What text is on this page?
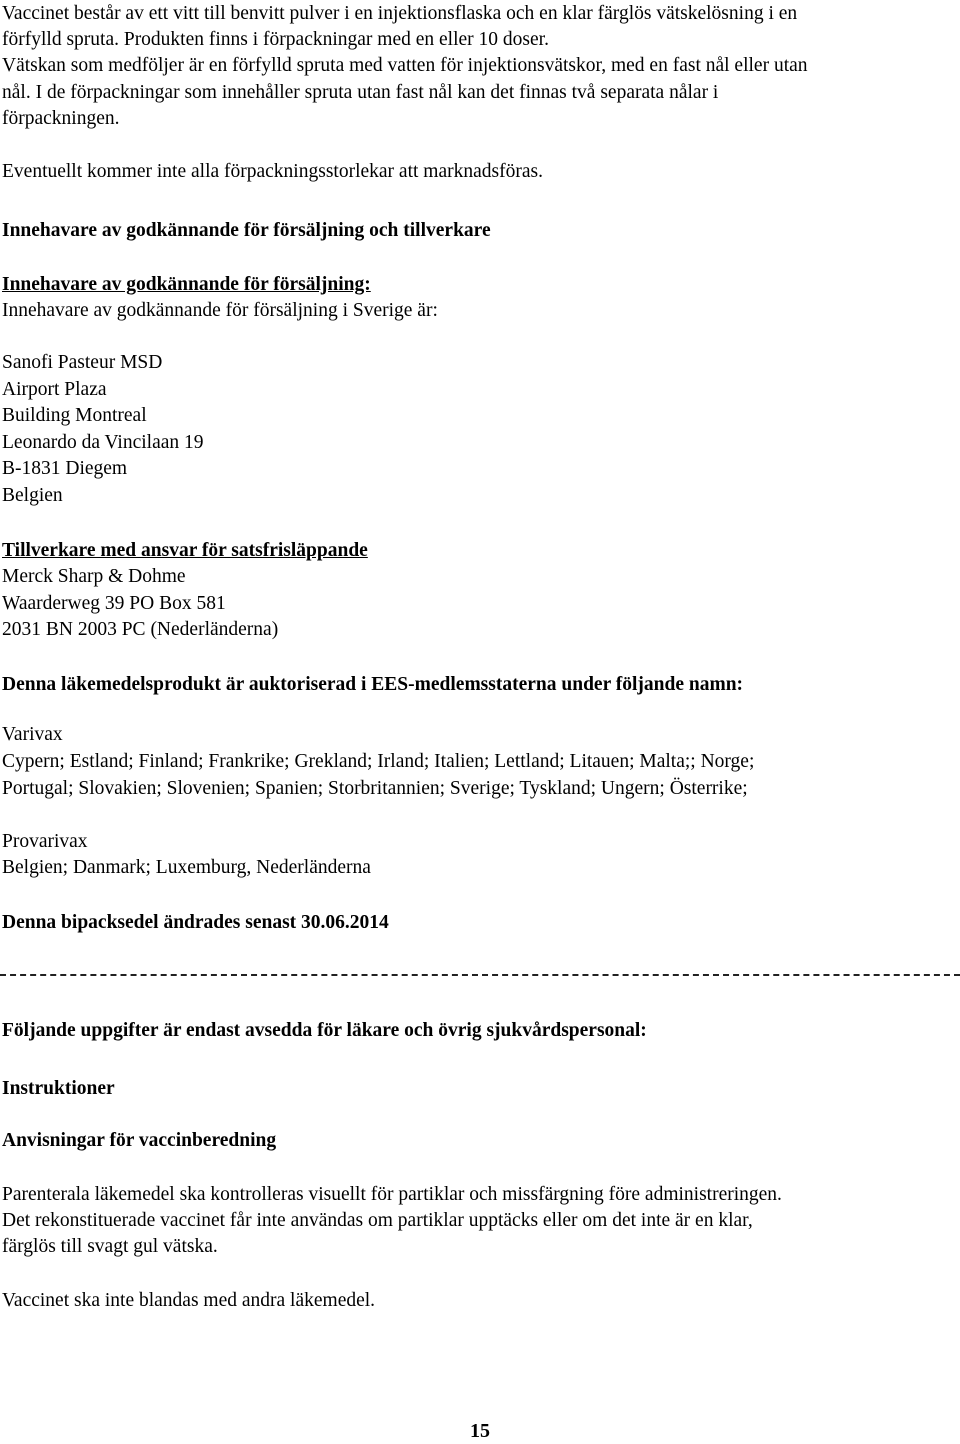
Vaccinet består av ett vitt till benvitt pulver i en injektionsflaska och en klar färglös vätskelösning i en
förfylld spruta. Produkten finns i förpackningar med en eller 10 doser.
Vätskan som medföljer är en förfylld spruta med vatten för injektionsvätskor, med en fast nål eller utan
nål. I de förpackningar som innehåller spruta utan fast nål kan det finnas två separata nålar i
förpackningen.
Eventuellt kommer inte alla förpackningsstorlekar att marknadsföras.
Innehavare av godkännande för försäljning och tillverkare
Innehavare av godkännande för försäljning:
Innehavare av godkännande för försäljning i Sverige är:
Sanofi Pasteur MSD
Airport Plaza
Building Montreal
Leonardo da Vincilaan 19
B-1831 Diegem
Belgien
Tillverkare med ansvar för satsfrisläppande
Merck Sharp & Dohme
Waarderweg 39 PO Box 581
2031 BN 2003 PC (Nederländerna)
Denna läkemedelsprodukt är auktoriserad i EES-medlemsstaterna under följande namn:
Varivax
Cypern; Estland; Finland; Frankrike; Grekland; Irland; Italien; Lettland; Litauen; Malta;; Norge;
Portugal; Slovakien; Slovenien; Spanien; Storbritannien; Sverige; Tyskland; Ungern; Österrike;
Provarivax
Belgien; Danmark; Luxemburg, Nederländerna
Denna bipacksedel ändrades senast 30.06.2014
Följande uppgifter är endast avsedda för läkare och övrig sjukvårdspersonal:
Instruktioner
Anvisningar för vaccinberedning
Parenterala läkemedel ska kontrolleras visuellt för partiklar och missfärgning före administreringen.
Det rekonstituerade vaccinet får inte användas om partiklar upptäcks eller om det inte är en klar,
färglös till svagt gul vätska.
Vaccinet ska inte blandas med andra läkemedel.
15
